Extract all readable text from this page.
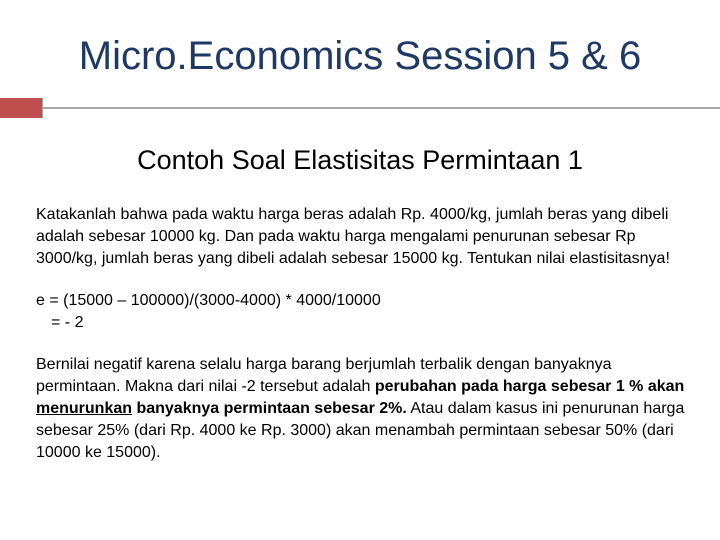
Micro.Economics Session 5 & 6
Contoh Soal Elastisitas Permintaan 1

Katakanlah bahwa pada waktu harga beras adalah Rp. 4000/kg, jumlah beras yang dibeli adalah sebesar 10000 kg. Dan pada waktu harga mengalami penurunan sebesar Rp 3000/kg, jumlah beras yang dibeli adalah sebesar 15000 kg. Tentukan nilai elastisitasnya!

e = (15000 – 100000)/(3000-4000) * 4000/10000
= - 2

Bernilai negatif karena selalu harga barang berjumlah terbalik dengan banyaknya permintaan. Makna dari nilai -2 tersebut adalah perubahan pada harga sebesar 1 % akan menurunkan banyaknya permintaan sebesar 2%. Atau dalam kasus ini penurunan harga sebesar 25% (dari Rp. 4000 ke Rp. 3000) akan menambah permintaan sebesar 50% (dari 10000 ke 15000).
